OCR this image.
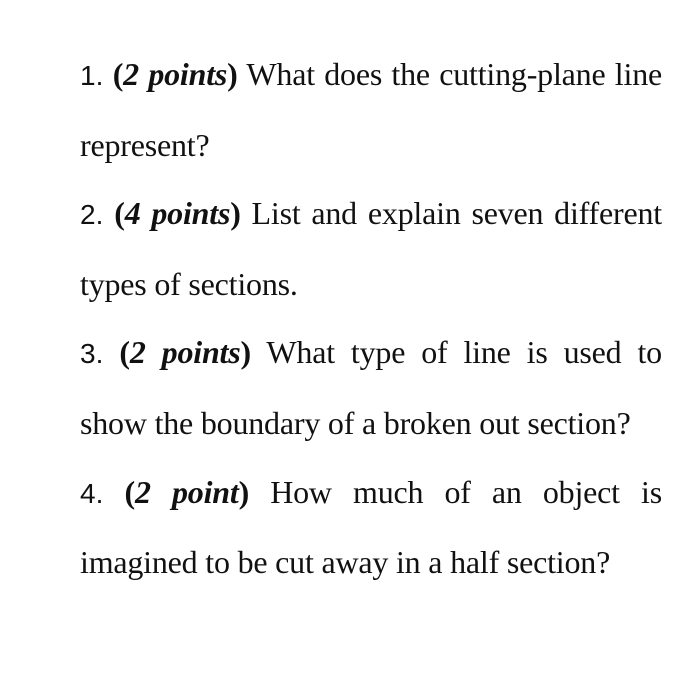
1. (2 points) What does the cutting-plane line represent?

2. (4 points) List and explain seven different types of sections.

3. (2 points) What type of line is used to show the boundary of a broken out section?

4. (2 point) How much of an object is imagined to be cut away in a half section?
